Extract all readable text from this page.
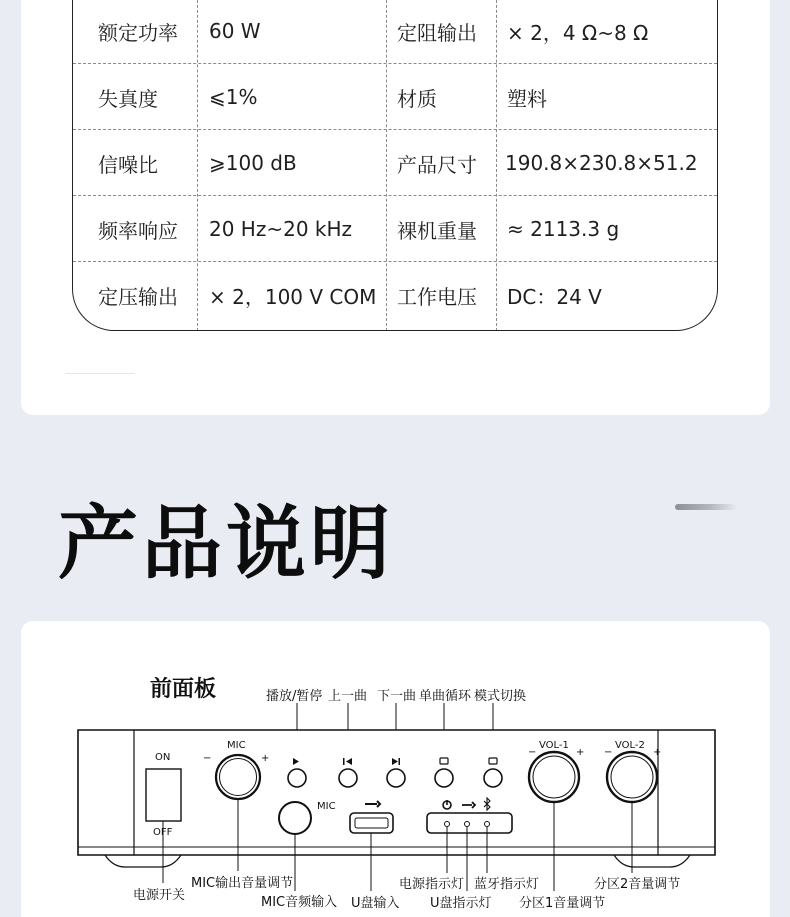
额定功率 60 W	定阻输出 × 2，4 Ω~8 Ω
失真度	⩽1%	材质	塑料
信噪比	⩾100 dB	产品尺寸 190.8×230.8×51.2
频率响应 20 Hz~20 kHz 裸机重量 ≈ 2113.3 g
定压输出 × 2，100 V COM 工作电压 DC：24 V
产品说明
前面板	播放/暂停 上一曲 下一曲 单曲循环 模式切换
ON
OFF
MIC
−	+
MIC
VOL-1
−	+
VOL-2
−	+
电源开关
MIC输出音量调节
MIC音频输入 U盘输入
电源指示灯
U盘指示灯
蓝牙指示灯
分区1音量调节
分区2音量调节
